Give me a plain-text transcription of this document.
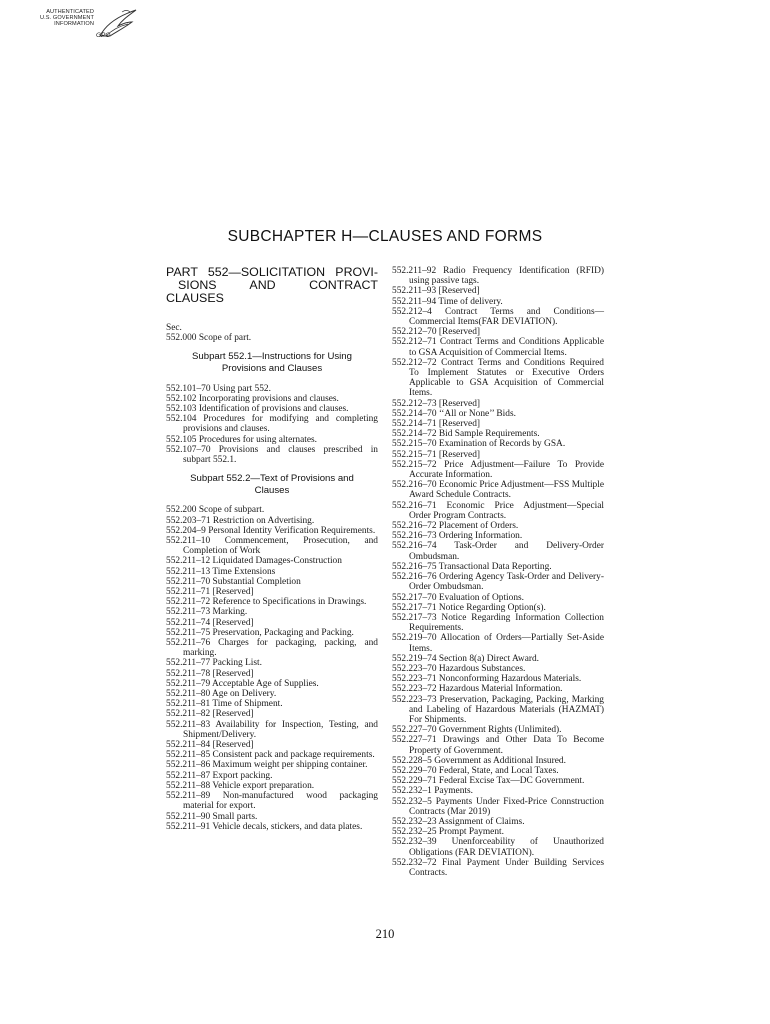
AUTHENTICATED
U.S. GOVERNMENT
INFORMATION
GPO
SUBCHAPTER H—CLAUSES AND FORMS
PART 552—SOLICITATION PROVI-
SIONS AND CONTRACT
CLAUSES

Sec.

552.000 Scope of part.

Subpart 552.1—Instructions for Using Provisions and Clauses

552.101–70 Using part 552.

552.102 Incorporating provisions and clauses.

552.103 Identification of provisions and clauses.

552.104 Procedures for modifying and completing provisions and clauses.

552.105 Procedures for using alternates.

552.107–70 Provisions and clauses prescribed in subpart 552.1.

Subpart 552.2—Text of Provisions and Clauses

552.200 Scope of subpart.

552.203–71 Restriction on Advertising.

552.204–9 Personal Identity Verification Requirements.

552.211–10 Commencement, Prosecution, and Completion of Work

552.211–12 Liquidated Damages-Construction

552.211–13 Time Extensions

552.211–70 Substantial Completion

552.211–71 [Reserved]

552.211–72 Reference to Specifications in Drawings.

552.211–73 Marking.

552.211–74 [Reserved]

552.211–75 Preservation, Packaging and Packing.

552.211–76 Charges for packaging, packing, and marking.

552.211–77 Packing List.

552.211–78 [Reserved]

552.211–79 Acceptable Age of Supplies.

552.211–80 Age on Delivery.

552.211–81 Time of Shipment.

552.211–82 [Reserved]

552.211–83 Availability for Inspection, Testing, and Shipment/Delivery.

552.211–84 [Reserved]

552.211–85 Consistent pack and package requirements.

552.211–86 Maximum weight per shipping container.

552.211–87 Export packing.

552.211–88 Vehicle export preparation.

552.211–89 Non-manufactured wood packaging material for export.

552.211–90 Small parts.

552.211–91 Vehicle decals, stickers, and data plates.

552.211–92 Radio Frequency Identification (RFID) using passive tags.

552.211–93 [Reserved]

552.211–94 Time of delivery.

552.212–4 Contract Terms and Conditions—Commercial Items(FAR DEVIATION).

552.212–70 [Reserved]

552.212–71 Contract Terms and Conditions Applicable to GSA Acquisition of Commercial Items.

552.212–72 Contract Terms and Conditions Required To Implement Statutes or Executive Orders Applicable to GSA Acquisition of Commercial Items.

552.212–73 [Reserved]

552.214–70 ‘‘All or None’’ Bids.

552.214–71 [Reserved]

552.214–72 Bid Sample Requirements.

552.215–70 Examination of Records by GSA.

552.215–71 [Reserved]

552.215–72 Price Adjustment—Failure To Provide Accurate Information.

552.216–70 Economic Price Adjustment—FSS Multiple Award Schedule Contracts.

552.216–71 Economic Price Adjustment—Special Order Program Contracts.

552.216–72 Placement of Orders.

552.216–73 Ordering Information.

552.216–74 Task-Order and Delivery-Order Ombudsman.

552.216–75 Transactional Data Reporting.

552.216–76 Ordering Agency Task-Order and Delivery-Order Ombudsman.

552.217–70 Evaluation of Options.

552.217–71 Notice Regarding Option(s).

552.217–73 Notice Regarding Information Collection Requirements.

552.219–70 Allocation of Orders—Partially Set-Aside Items.

552.219–74 Section 8(a) Direct Award.

552.223–70 Hazardous Substances.

552.223–71 Nonconforming Hazardous Materials.

552.223–72 Hazardous Material Information.

552.223–73 Preservation, Packaging, Packing, Marking and Labeling of Hazardous Materials (HAZMAT) For Shipments.

552.227–70 Government Rights (Unlimited).

552.227–71 Drawings and Other Data To Become Property of Government.

552.228–5 Government as Additional Insured.

552.229–70 Federal, State, and Local Taxes.

552.229–71 Federal Excise Tax—DC Government.

552.232–1 Payments.

552.232–5 Payments Under Fixed-Price Connstruction Contracts (Mar 2019)

552.232–23 Assignment of Claims.

552.232–25 Prompt Payment.

552.232–39 Unenforceability of Unauthorized Obligations (FAR DEVIATION).

552.232–72 Final Payment Under Building Services Contracts.

210
